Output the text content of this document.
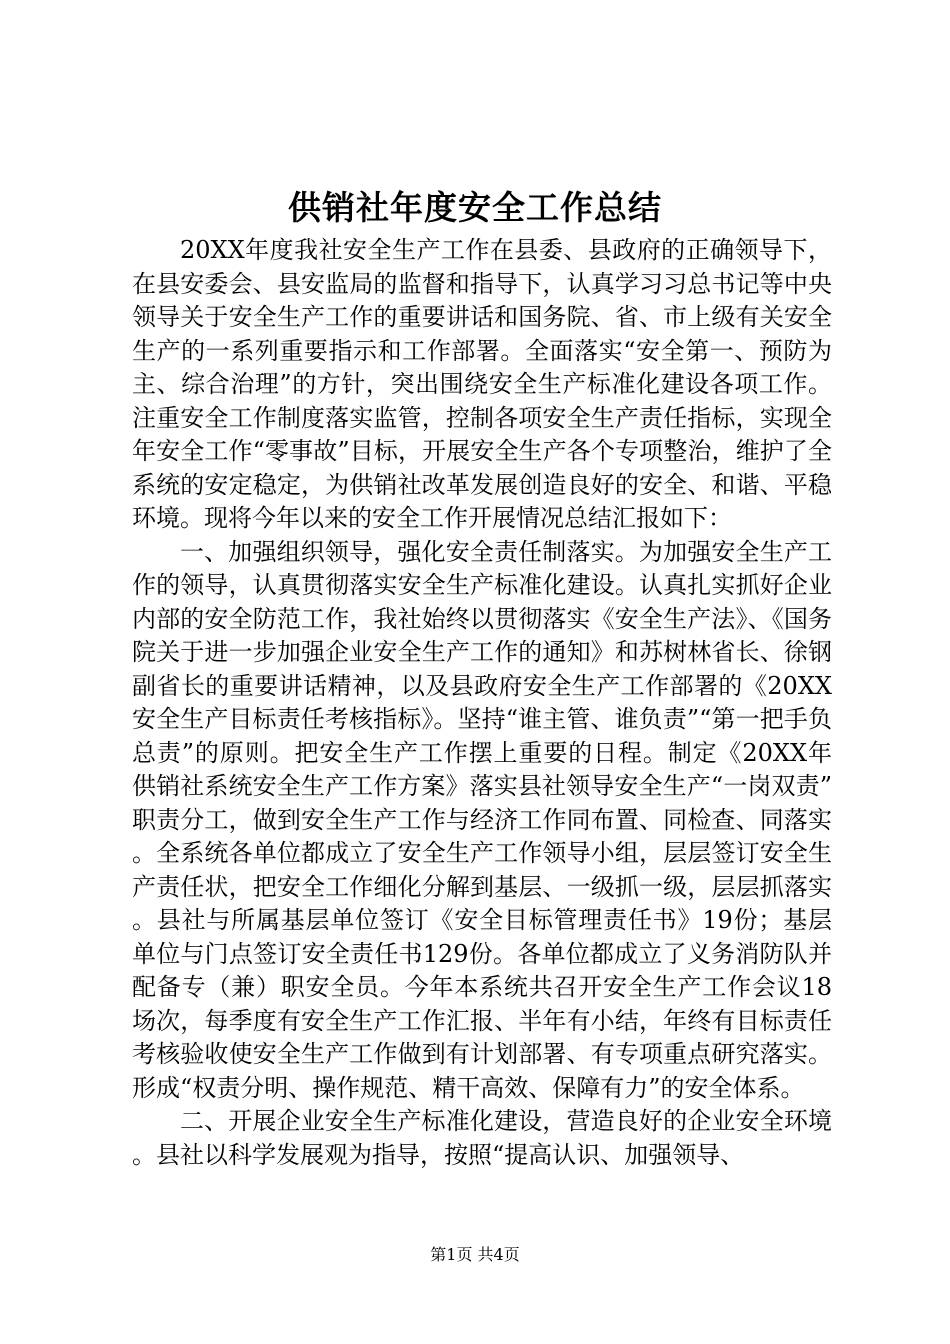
供销社年度安全工作总结

20XX年度我社安全生产工作在县委、县政府的正确领导下，在县安委会、县安监局的监督和指导下，认真学习习总书记等中央领导关于安全生产工作的重要讲话和国务院、省、市上级有关安全生产的一系列重要指示和工作部署。全面落实“安全第一、预防为主、综合治理”的方针，突出围绕安全生产标准化建设各项工作。注重安全工作制度落实监管，控制各项安全生产责任指标，实现全年安全工作“零事故”目标，开展安全生产各个专项整治，维护了全系统的安定稳定，为供销社改革发展创造良好的安全、和谐、平稳环境。现将今年以来的安全工作开展情况总结汇报如下：

一、加强组织领导，强化安全责任制落实。为加强安全生产工作的领导，认真贯彻落实安全生产标准化建设。认真扎实抓好企业内部的安全防范工作，我社始终以贯彻落实《安全生产法》、《国务院关于进一步加强企业安全生产工作的通知》和苏树林省长、徐钢副省长的重要讲话精神，以及县政府安全生产工作部署的《20XX安全生产目标责任考核指标》。坚持“谁主管、谁负责”“第一把手负总责”的原则。把安全生产工作摆上重要的日程。制定《20XX年供销社系统安全生产工作方案》落实县社领导安全生产“一岗双责”职责分工，做到安全生产工作与经济工作同布置、同检查、同落实。全系统各单位都成立了安全生产工作领导小组，层层签订安全生产责任状，把安全工作细化分解到基层、一级抓一级，层层抓落实。县社与所属基层单位签订《安全目标管理责任书》19份；基层单位与门点签订安全责任书129份。各单位都成立了义务消防队并配备专（兼）职安全员。今年本系统共召开安全生产工作会议18场次，每季度有安全生产工作汇报、半年有小结，年终有目标责任考核验收使安全生产工作做到有计划部署、有专项重点研究落实。形成“权责分明、操作规范、精干高效、保障有力”的安全体系。

二、开展企业安全生产标准化建设，营造良好的企业安全环境。县社以科学发展观为指导，按照“提高认识、加强领导、

第1页 共4页
